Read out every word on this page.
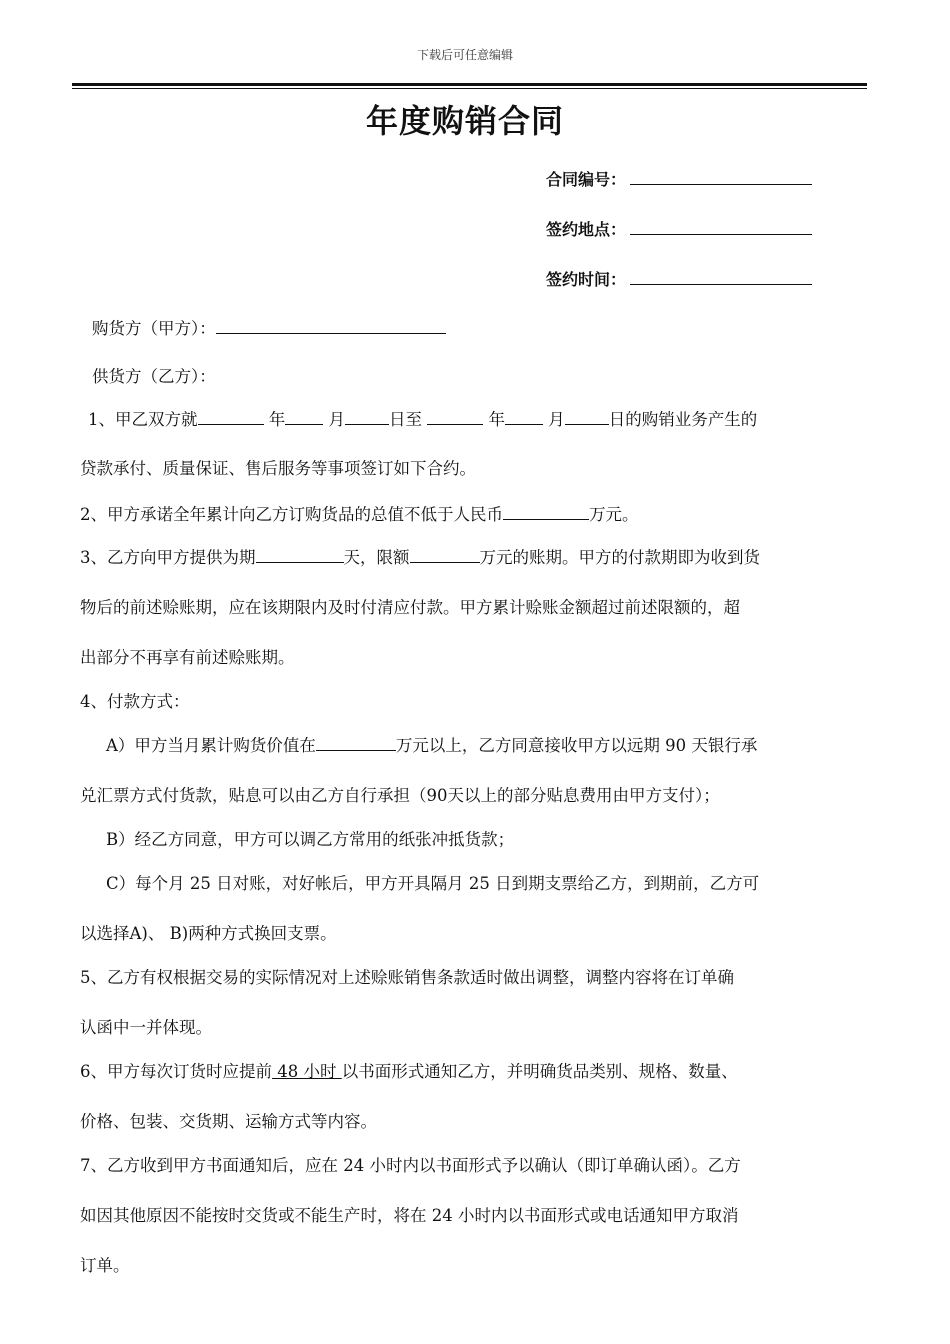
下载后可任意编辑
年度购销合同
合同编号：
签约地点：
签约时间：
购货方（甲方）：
供货方（乙方）：
1、甲乙双方就	年	月	日至	年	月	日的购销业务产生的
贷款承付、质量保证、售后服务等事项签订如下合约。
2、甲方承诺全年累计向乙方订购货品的总值不低于人民币	万元。
3、乙方向甲方提供为期	天，限额	万元的账期。甲方的付款期即为收到货
物后的前述赊账期，应在该期限内及时付清应付款。甲方累计赊账金额超过前述限额的，超
出部分不再享有前述赊账期。
4、付款方式：
A）甲方当月累计购货价值在	万元以上，乙方同意接收甲方以远期 90 天银行承
兑汇票方式付货款，贴息可以由乙方自行承担（90天以上的部分贴息费用由甲方支付）；
B）经乙方同意，甲方可以调乙方常用的纸张冲抵货款；
C）每个月 25 日对账，对好帐后，甲方开具隔月 25 日到期支票给乙方，到期前，乙方可
以选择A)、 B)两种方式换回支票。
5、乙方有权根据交易的实际情况对上述赊账销售条款适时做出调整，调整内容将在订单确
认函中一并体现。
6、甲方每次订货时应提前 48 小时 以书面形式通知乙方，并明确货品类别、规格、数量、
价格、包装、交货期、运输方式等内容。
7、乙方收到甲方书面通知后，应在 24 小时内以书面形式予以确认（即订单确认函）。乙方
如因其他原因不能按时交货或不能生产时，将在 24 小时内以书面形式或电话通知甲方取消
订单。
